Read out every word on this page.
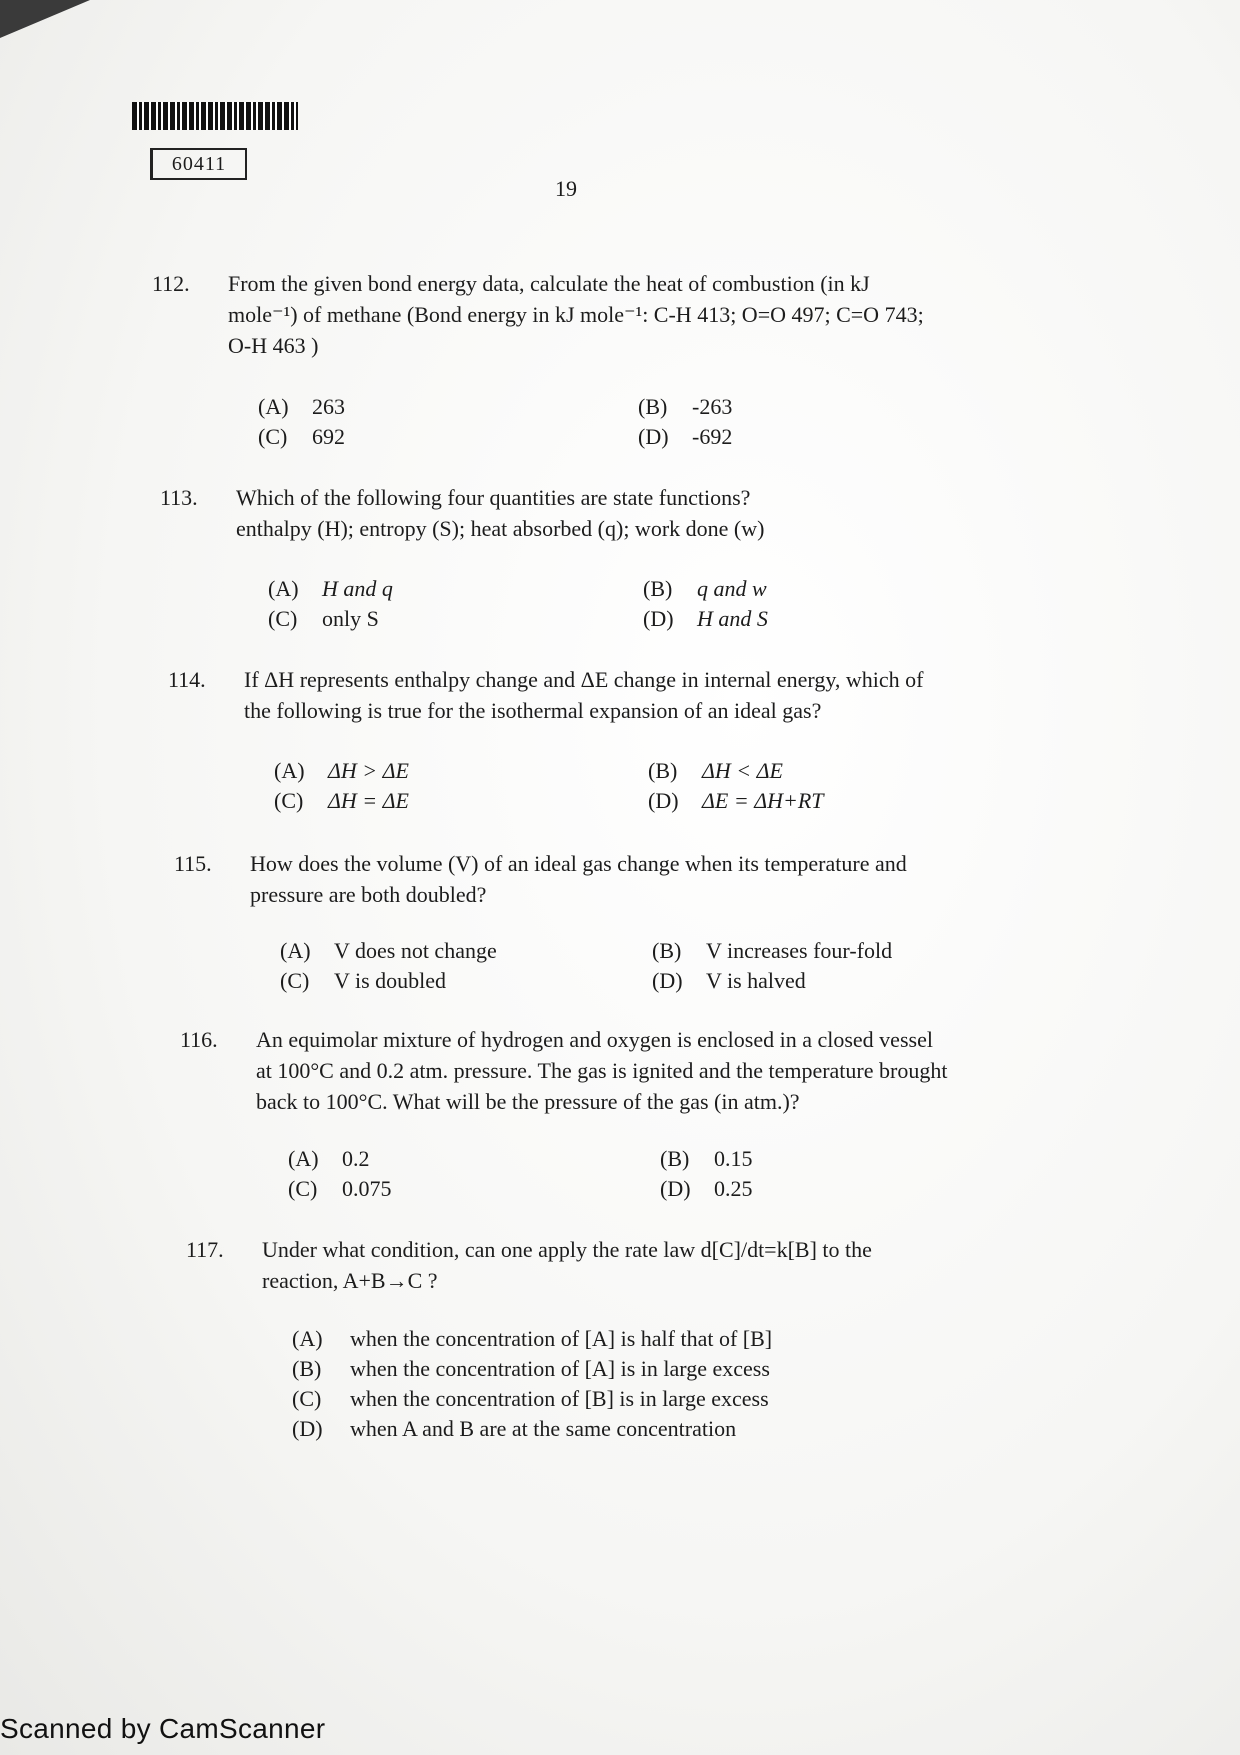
60411
19
112. From the given bond energy data, calculate the heat of combustion (in kJ
mole⁻¹) of methane (Bond energy in kJ mole⁻¹: C-H 413; O=O 497; C=O 743;
O-H 463 )
(A) 263	(B) -263
(C) 692	(D) -692
113. Which of the following four quantities are state functions?
enthalpy (H); entropy (S); heat absorbed (q); work done (w)
(A) H and q	(B) q and w
(C) only S	(D) H and S
114. If ΔH represents enthalpy change and ΔE change in internal energy, which of
the following is true for the isothermal expansion of an ideal gas?
(A) ΔH > ΔE	(B) ΔH < ΔE
(C) ΔH = ΔE	(D) ΔE = ΔH+RT
115. How does the volume (V) of an ideal gas change when its temperature and
pressure are both doubled?
(A) V does not change	(B) V increases four-fold
(C) V is doubled	(D) V is halved
116. An equimolar mixture of hydrogen and oxygen is enclosed in a closed vessel
at 100°C and 0.2 atm. pressure. The gas is ignited and the temperature brought
back to 100°C. What will be the pressure of the gas (in atm.)?
(A) 0.2	(B) 0.15
(C) 0.075	(D) 0.25
117. Under what condition, can one apply the rate law d[C]/dt=k[B] to the
reaction, A+B→C ?
(A) when the concentration of [A] is half that of [B]
(B) when the concentration of [A] is in large excess
(C) when the concentration of [B] is in large excess
(D) when A and B are at the same concentration
Scanned by CamScanner
